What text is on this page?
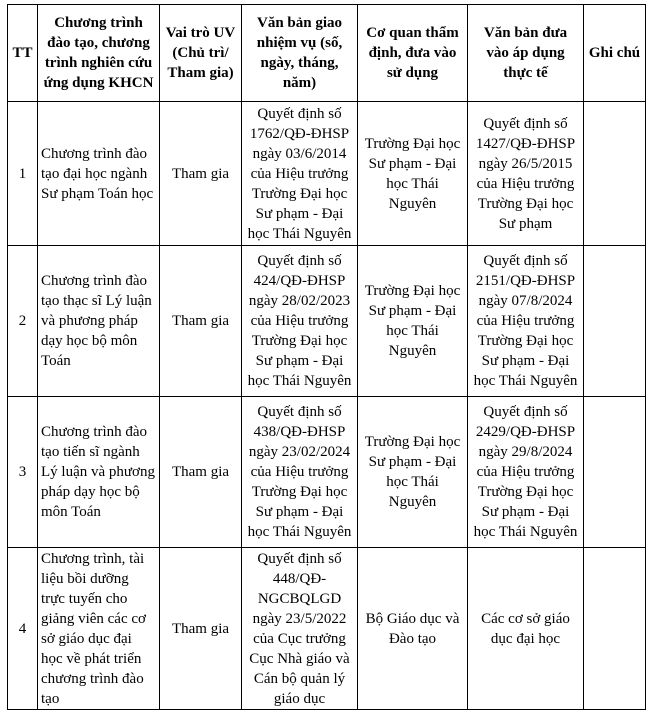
TT	Chương trình đào tạo, chương trình nghiên cứu ứng dụng KHCN	Vai trò UV (Chủ trì/ Tham gia)	Văn bản giao nhiệm vụ (số, ngày, tháng, năm)	Cơ quan thẩm định, đưa vào sử dụng	Văn bản đưa vào áp dụng thực tế	Ghi chú
1	Chương trình đào tạo đại học ngành Sư phạm Toán học	Tham gia	Quyết định số 1762/QĐ-ĐHSP ngày 03/6/2014 của Hiệu trưởng Trường Đại học Sư phạm - Đại học Thái Nguyên	Trường Đại học Sư phạm - Đại học Thái Nguyên	Quyết định số 1427/QĐ-ĐHSP ngày 26/5/2015 của Hiệu trưởng Trường Đại học Sư phạm	
2	Chương trình đào tạo thạc sĩ Lý luận và phương pháp dạy học bộ môn Toán	Tham gia	Quyết định số 424/QĐ-ĐHSP ngày 28/02/2023 của Hiệu trưởng Trường Đại học Sư phạm - Đại học Thái Nguyên	Trường Đại học Sư phạm - Đại học Thái Nguyên	Quyết định số 2151/QĐ-ĐHSP ngày 07/8/2024 của Hiệu trưởng Trường Đại học Sư phạm - Đại học Thái Nguyên	
3	Chương trình đào tạo tiến sĩ ngành Lý luận và phương pháp dạy học bộ môn Toán	Tham gia	Quyết định số 438/QĐ-ĐHSP ngày 23/02/2024 của Hiệu trưởng Trường Đại học Sư phạm - Đại học Thái Nguyên	Trường Đại học Sư phạm - Đại học Thái Nguyên	Quyết định số 2429/QĐ-ĐHSP ngày 29/8/2024 của Hiệu trưởng Trường Đại học Sư phạm - Đại học Thái Nguyên	
4	Chương trình, tài liệu bồi dưỡng trực tuyến cho giảng viên các cơ sở giáo dục đại học về phát triển chương trình đào tạo	Tham gia	Quyết định số 448/QĐ-NGCBQLGD ngày 23/5/2022 của Cục trưởng Cục Nhà giáo và Cán bộ quản lý giáo dục	Bộ Giáo dục và Đào tạo	Các cơ sở giáo dục đại học	
